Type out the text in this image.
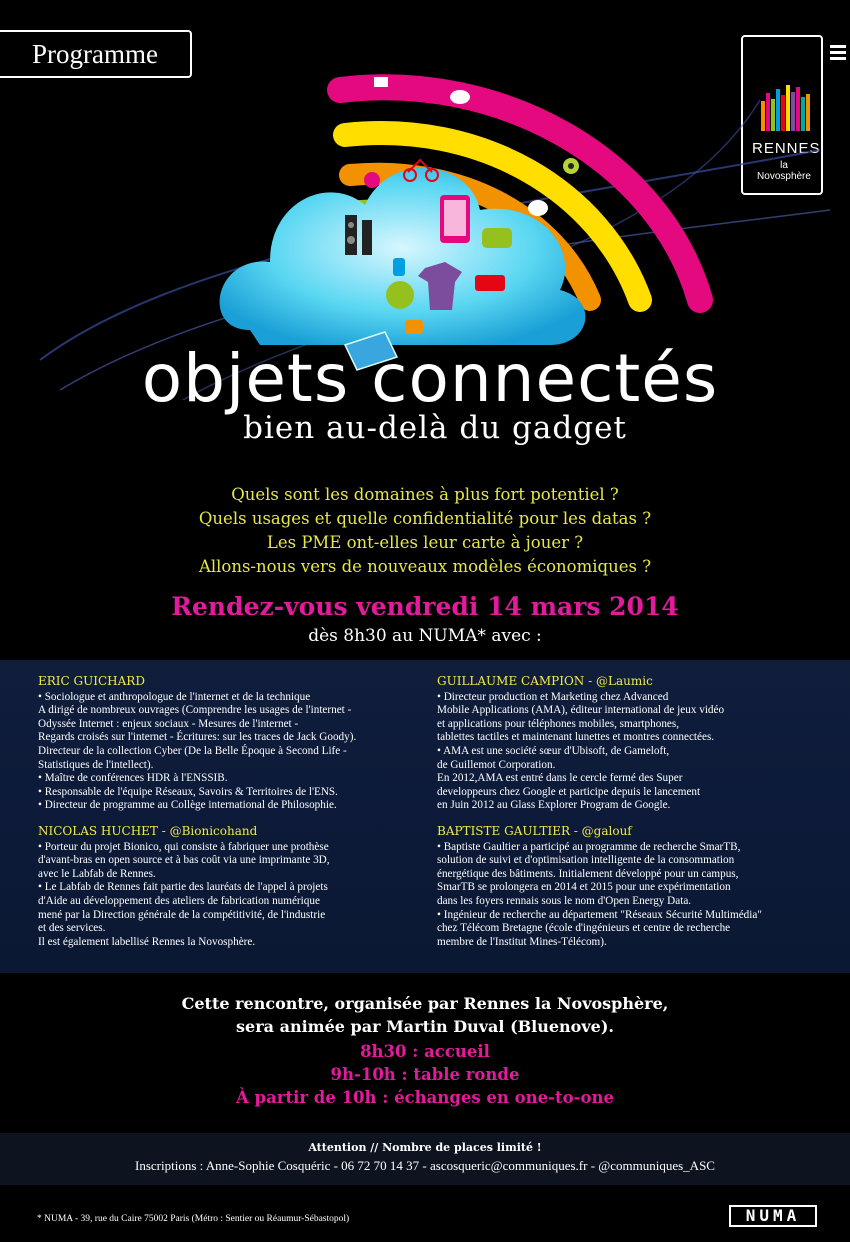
Programme
RENNES
la Novosphère
objets connectés
bien au-delà du gadget
Quels sont les domaines à plus fort potentiel ?
Quels usages et quelle confidentialité pour les datas ?
Les PME ont-elles leur carte à jouer ?
Allons-nous vers de nouveaux modèles économiques ?
Rendez-vous vendredi 14 mars 2014
dès 8h30 au NUMA* avec :
ERIC GUICHARD
• Sociologue et anthropologue de l'internet et de la technique
A dirigé de nombreux ouvrages (Comprendre les usages de l'internet -
Odyssée Internet : enjeux sociaux - Mesures de l'internet -
Regards croisés sur l'internet - Écritures: sur les traces de Jack Goody).
Directeur de la collection Cyber (De la Belle Époque à Second Life -
Statistiques de l'intellect).
• Maître de conférences HDR à l'ENSSIB.
• Responsable de l'équipe Réseaux, Savoirs & Territoires de l'ENS.
• Directeur de programme au Collège international de Philosophie.
NICOLAS HUCHET - @Bionicohand
• Porteur du projet Bionico, qui consiste à fabriquer une prothèse
d'avant-bras en open source et à bas coût via une imprimante 3D,
avec le Labfab de Rennes.
• Le Labfab de Rennes fait partie des lauréats de l'appel à projets
d'Aide au développement des ateliers de fabrication numérique
mené par la Direction générale de la compétitivité, de l'industrie
et des services.
Il est également labellisé Rennes la Novosphère.
GUILLAUME CAMPION - @Laumic
• Directeur production et Marketing chez Advanced
Mobile Applications (AMA), éditeur international de jeux vidéo
et applications pour téléphones mobiles, smartphones,
tablettes tactiles et maintenant lunettes et montres connectées.
• AMA est une société sœur d'Ubisoft, de Gameloft,
de Guillemot Corporation.
En 2012,AMA est entré dans le cercle fermé des Super
developpeurs chez Google et participe depuis le lancement
en Juin 2012 au Glass Explorer Program de Google.
BAPTISTE GAULTIER - @galouf
• Baptiste Gaultier a participé au programme de recherche SmarTB,
solution de suivi et d'optimisation intelligente de la consommation
énergétique des bâtiments. Initialement développé pour un campus,
SmarTB se prolongera en 2014 et 2015 pour une expérimentation
dans les foyers rennais sous le nom d'Open Energy Data.
• Ingénieur de recherche au département "Réseaux Sécurité Multimédia"
chez Télécom Bretagne (école d'ingénieurs et centre de recherche
membre de l'Institut Mines-Télécom).
Cette rencontre, organisée par Rennes la Novosphère,
sera animée par Martin Duval (Bluenove).
8h30 : accueil
9h-10h : table ronde
À partir de 10h : échanges en one-to-one
Attention // Nombre de places limité !
Inscriptions : Anne-Sophie Cosquéric - 06 72 70 14 37 - ascosqueric@communiques.fr - @communiques_ASC
* NUMA - 39, rue du Caire 75002 Paris (Métro : Sentier ou Réaumur-Sébastopol)	NUMA
